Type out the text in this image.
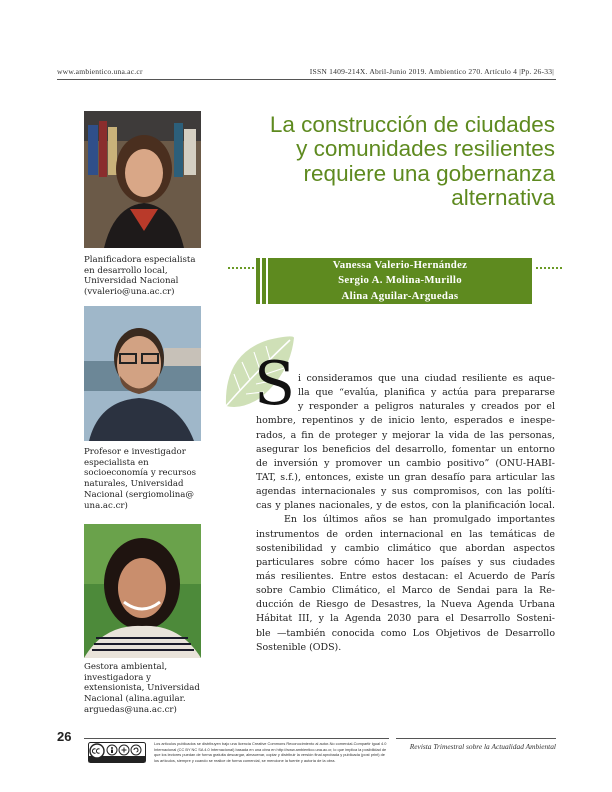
www.ambientico.una.ac.cr	ISSN 1409-214X. Abril-Junio 2019. Ambientico 270. Artículo 4 |Pp. 26-33|
Planificadora especialista
en desarrollo local,
Universidad Nacional
(vvalerio@una.ac.cr)
Profesor e investigador
especialista en
socioeconomía y recursos
naturales, Universidad
Nacional (sergiomolina@
una.ac.cr)
Gestora ambiental,
investigadora y
extensionista, Universidad
Nacional (alina.aguilar.
arguedas@una.ac.cr)
La construcción de ciudades
y comunidades resilientes
requiere una gobernanza
alternativa
Vanessa Valerio-Hernández
Sergio A. Molina-Murillo
Alina Aguilar-Arguedas
S i consideramos que una ciudad resiliente es aque-
lla que “evalúa, planifica y actúa para prepararse
y responder a peligros naturales y creados por el
hombre, repentinos y de inicio lento, esperados e inespe-
rados, a fin de proteger y mejorar la vida de las personas,
asegurar los beneficios del desarrollo, fomentar un entorno
de inversión y promover un cambio positivo” (ONU-HABI-
TAT, s.f.), entonces, existe un gran desafío para articular las
agendas internacionales y sus compromisos, con las políti-
cas y planes nacionales, y de estos, con la planificación local.
En los últimos años se han promulgado importantes
instrumentos de orden internacional en las temáticas de
sostenibilidad y cambio climático que abordan aspectos
particulares sobre cómo hacer los países y sus ciudades
más resilientes. Entre estos destacan: el Acuerdo de París
sobre Cambio Climático, el Marco de Sendai para la Re-
ducción de Riesgo de Desastres, la Nueva Agenda Urbana
Hábitat III, y la Agenda 2030 para el Desarrollo Sosteni-
ble —también conocida como Los Objetivos de Desarrollo
Sostenible (ODS).
26	Los artículos publicados se distribuyen bajo una licencia Creative Commons Reconocimiento al autor-No comercial-Compartir igual 4.0 Internacional (CC BY NC SA 4.0 Internacional) basada en una obra en http://www.ambientico.una.ac.cr, lo que implica la posibilidad de que los lectores puedan de forma gratuita descargar, almacenar, copiar y distribuir la versión final aprobada y publicada (post print) de los artículos, siempre y cuando se realice de forma comercial, se mencione la fuente y autoría de la obra.
Revista Trimestral sobre la Actualidad Ambiental
